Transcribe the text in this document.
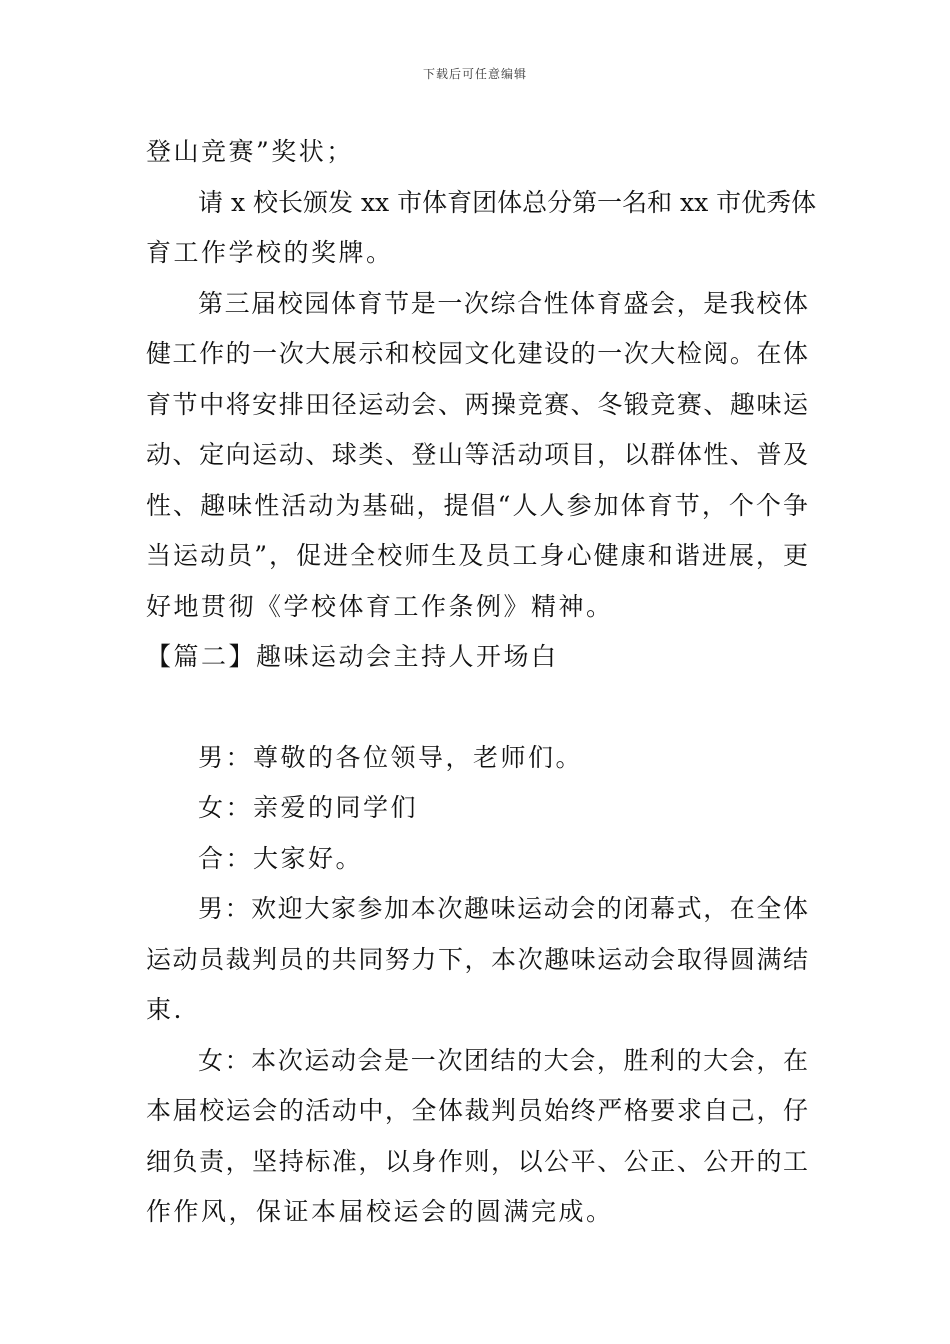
下载后可任意编辑
登山竞赛”奖状；
请 x 校长颁发 xx 市体育团体总分第一名和 xx 市优秀体
育工作学校的奖牌。
第三届校园体育节是一次综合性体育盛会，是我校体
健工作的一次大展示和校园文化建设的一次大检阅。在体
育节中将安排田径运动会、两操竞赛、冬锻竞赛、趣味运
动、定向运动、球类、登山等活动项目，以群体性、普及
性、趣味性活动为基础，提倡“人人参加体育节，个个争
当运动员”，促进全校师生及员工身心健康和谐进展，更
好地贯彻《学校体育工作条例》精神。
【篇二】趣味运动会主持人开场白
男：尊敬的各位领导，老师们。
女：亲爱的同学们
合：大家好。
男：欢迎大家参加本次趣味运动会的闭幕式，在全体
运动员裁判员的共同努力下，本次趣味运动会取得圆满结
束.
女：本次运动会是一次团结的大会，胜利的大会，在
本届校运会的活动中，全体裁判员始终严格要求自己，仔
细负责，坚持标准，以身作则，以公平、公正、公开的工
作作风，保证本届校运会的圆满完成。
